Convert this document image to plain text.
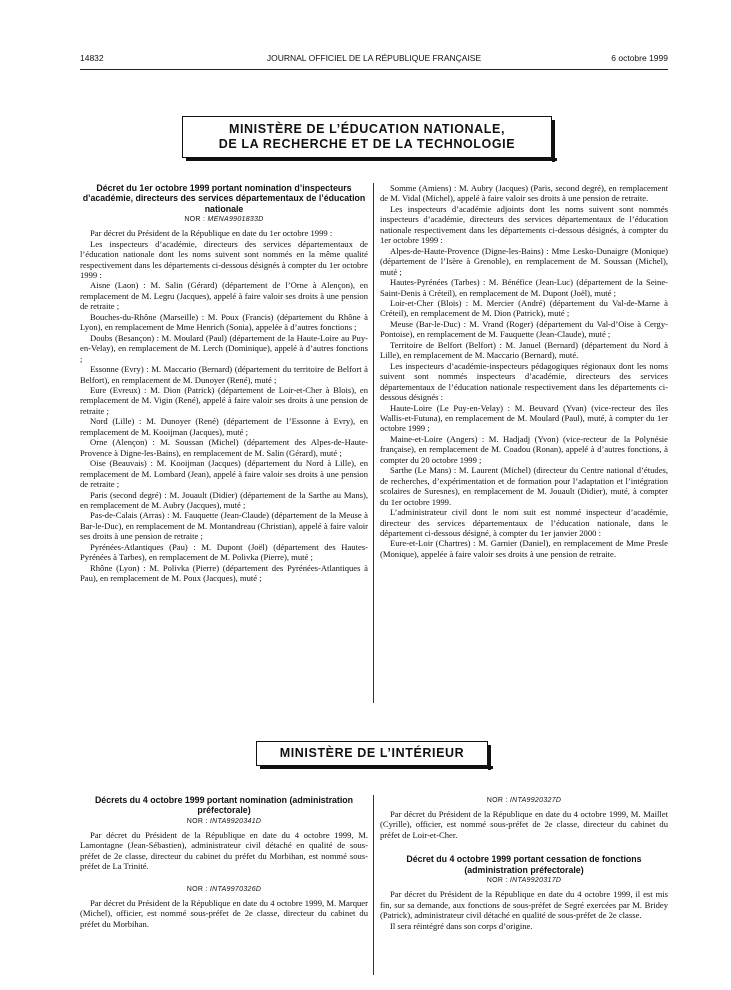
14832	JOURNAL OFFICIEL DE LA RÉPUBLIQUE FRANÇAISE	6 octobre 1999
MINISTÈRE DE L’ÉDUCATION NATIONALE,
DE LA RECHERCHE ET DE LA TECHNOLOGIE
Décret du 1er octobre 1999 portant nomination d’inspecteurs d’académie, directeurs des services départementaux de l’éducation nationale
NOR : MENA9901833D

Par décret du Président de la République en date du 1er octobre 1999 :

Les inspecteurs d’académie, directeurs des services départementaux de l’éducation nationale dont les noms suivent sont nommés en la même qualité respectivement dans les départements ci-dessous désignés à compter du 1er octobre 1999 :

Aisne (Laon) : M. Salin (Gérard) (département de l’Orne à Alençon), en remplacement de M. Legru (Jacques), appelé à faire valoir ses droits à une pension de retraite ;

Bouches-du-Rhône (Marseille) : M. Poux (Francis) (département du Rhône à Lyon), en remplacement de Mme Henrich (Sonia), appelée à d’autres fonctions ;

Doubs (Besançon) : M. Moulard (Paul) (département de la Haute-Loire au Puy-en-Velay), en remplacement de M. Lerch (Dominique), appelé à d’autres fonctions ;

Essonne (Evry) : M. Maccario (Bernard) (département du territoire de Belfort à Belfort), en remplacement de M. Dunoyer (René), muté ;

Eure (Evreux) : M. Dion (Patrick) (département de Loir-et-Cher à Blois), en remplacement de M. Vigin (René), appelé à faire valoir ses droits à une pension de retraite ;

Nord (Lille) : M. Dunoyer (René) (département de l’Essonne à Evry), en remplacement de M. Kooijman (Jacques), muté ;

Orne (Alençon) : M. Soussan (Michel) (département des Alpes-de-Haute-Provence à Digne-les-Bains), en remplacement de M. Salin (Gérard), muté ;

Oise (Beauvais) : M. Kooijman (Jacques) (département du Nord à Lille), en remplacement de M. Lombard (Jean), appelé à faire valoir ses droits à une pension de retraite ;

Paris (second degré) : M. Jouault (Didier) (département de la Sarthe au Mans), en remplacement de M. Aubry (Jacques), muté ;

Pas-de-Calais (Arras) : M. Fauquette (Jean-Claude) (département de la Meuse à Bar-le-Duc), en remplacement de M. Montandreau (Christian), appelé à faire valoir ses droits à une pension de retraite ;

Pyrénées-Atlantiques (Pau) : M. Dupont (Joël) (département des Hautes-Pyrénées à Tarbes), en remplacement de M. Polivka (Pierre), muté ;

Rhône (Lyon) : M. Polivka (Pierre) (département des Pyrénées-Atlantiques à Pau), en remplacement de M. Poux (Jacques), muté ;

Somme (Amiens) : M. Aubry (Jacques) (Paris, second degré), en remplacement de M. Vidal (Michel), appelé à faire valoir ses droits à une pension de retraite.

Les inspecteurs d’académie adjoints dont les noms suivent sont nommés inspecteurs d’académie, directeurs des services départementaux de l’éducation nationale respectivement dans les départements ci-dessous désignés, à compter du 1er octobre 1999 :

Alpes-de-Haute-Provence (Digne-les-Bains) : Mme Lesko-Dunaigre (Monique) (département de l’Isère à Grenoble), en remplacement de M. Soussan (Michel), muté ;

Hautes-Pyrénées (Tarbes) : M. Bénéfice (Jean-Luc) (département de la Seine-Saint-Denis à Créteil), en remplacement de M. Dupont (Joël), muté ;

Loir-et-Cher (Blois) : M. Mercier (André) (département du Val-de-Marne à Créteil), en remplacement de M. Dion (Patrick), muté ;

Meuse (Bar-le-Duc) : M. Vrand (Roger) (département du Val-d’Oise à Cergy-Pontoise), en remplacement de M. Fauquette (Jean-Claude), muté ;

Territoire de Belfort (Belfort) : M. Januel (Bernard) (département du Nord à Lille), en remplacement de M. Maccario (Bernard), muté.

Les inspecteurs d’académie-inspecteurs pédagogiques régionaux dont les noms suivent sont nommés inspecteurs d’académie, directeurs des services départementaux de l’éducation nationale respectivement dans les départements ci-dessous désignés :

Haute-Loire (Le Puy-en-Velay) : M. Beuvard (Yvan) (vice-recteur des îles Wallis-et-Futuna), en remplacement de M. Moulard (Paul), muté, à compter du 1er octobre 1999 ;

Maine-et-Loire (Angers) : M. Hadjadj (Yvon) (vice-recteur de la Polynésie française), en remplacement de M. Coadou (Ronan), appelé à d’autres fonctions, à compter du 20 octobre 1999 ;

Sarthe (Le Mans) : M. Laurent (Michel) (directeur du Centre national d’études, de recherches, d’expérimentation et de formation pour l’adaptation et l’intégration scolaires de Suresnes), en remplacement de M. Jouault (Didier), muté, à compter du 1er octobre 1999.

L’administrateur civil dont le nom suit est nommé inspecteur d’académie, directeur des services départementaux de l’éducation nationale, dans le département ci-dessous désigné, à compter du 1er janvier 2000 :

Eure-et-Loir (Chartres) : M. Garnier (Daniel), en remplacement de Mme Presle (Monique), appelée à faire valoir ses droits à une pension de retraite.

MINISTÈRE DE L’INTÉRIEUR
Décrets du 4 octobre 1999 portant nomination (administration préfectorale)
NOR : INTA9920341D

Par décret du Président de la République en date du 4 octobre 1999, M. Lamontagne (Jean-Sébastien), administrateur civil détaché en qualité de sous-préfet de 2e classe, directeur du cabinet du préfet du Morbihan, est nommé sous-préfet de La Trinité.

NOR : INTA9970326D

Par décret du Président de la République en date du 4 octobre 1999, M. Marquer (Michel), officier, est nommé sous-préfet de 2e classe, directeur du cabinet du préfet du Morbihan.

NOR : INTA9920327D

Par décret du Président de la République en date du 4 octobre 1999, M. Maillet (Cyrille), officier, est nommé sous-préfet de 2e classe, directeur du cabinet du préfet de Loir-et-Cher.

Décret du 4 octobre 1999 portant cessation de fonctions (administration préfectorale)
NOR : INTA9920317D

Par décret du Président de la République en date du 4 octobre 1999, il est mis fin, sur sa demande, aux fonctions de sous-préfet de Segré exercées par M. Bridey (Patrick), administrateur civil détaché en qualité de sous-préfet de 2e classe.

Il sera réintégré dans son corps d’origine.
